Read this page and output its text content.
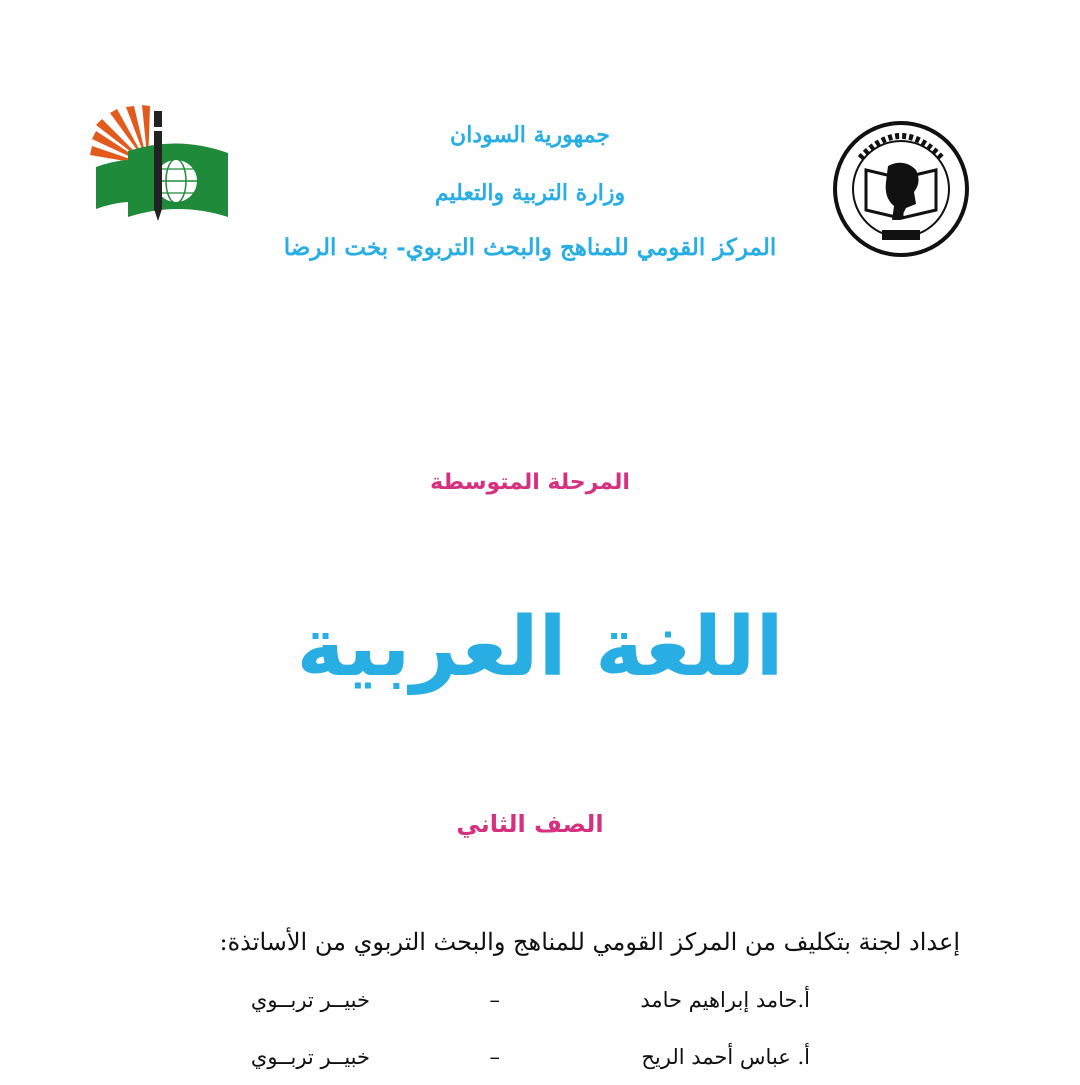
جمهورية السودان
وزارة التربية والتعليم
المركز القومي للمناهج والبحث التربوي- بخت الرضا
المرحلة المتوسطة
اللغة العربية
الصف الثاني
إعداد لجنة بتكليف من المركز القومي للمناهج والبحث التربوي من الأساتذة:
أ.حامد إبراهيم حامد
–
خبيــر تربــوي
أ. عباس أحمد الريح
–
خبيــر تربــوي
